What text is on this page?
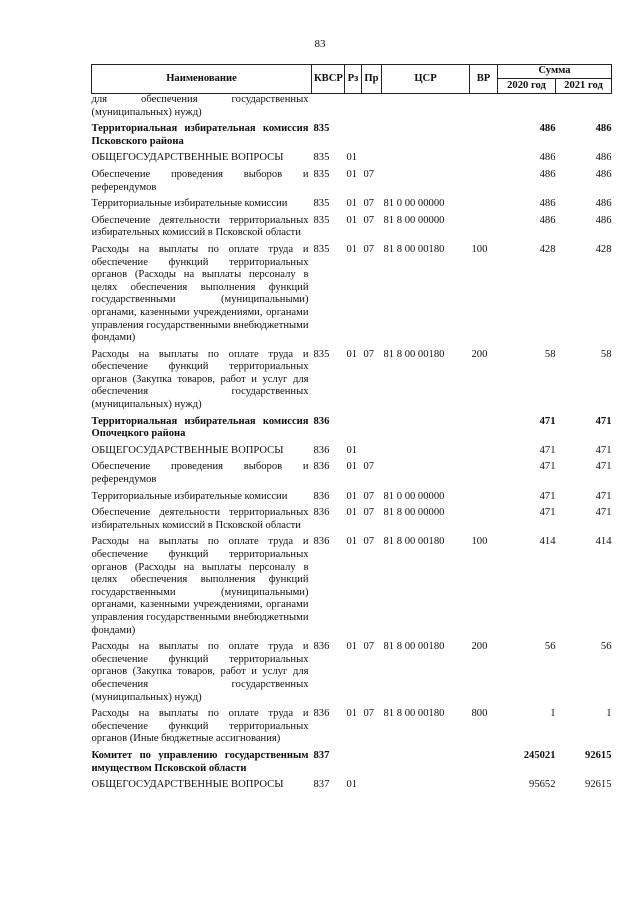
83
Наименование	КВСР	Рз	Пр	ЦСР	ВР	Сумма	
						2020 год	2021 год
для обеспечения государственных (муниципальных) нужд)							
Территориальная избирательная комиссия Псковского района	835					486	486
ОБЩЕГОСУДАРСТВЕННЫЕ ВОПРОСЫ	835	01				486	486
Обеспечение проведения выборов и референдумов	835	01	07			486	486
Территориальные избирательные комиссии	835	01	07	81 0 00 00000		486	486
Обеспечение деятельности территориальных избирательных комиссий в Псковской области	835	01	07	81 8 00 00000		486	486
Расходы на выплаты по оплате труда и обеспечение функций территориальных органов (Расходы на выплаты персоналу в целях обеспечения выполнения функций государственными (муниципальными) органами, казенными учреждениями, органами управления государственными внебюджетными фондами)	835	01	07	81 8 00 00180	100	428	428
Расходы на выплаты по оплате труда и обеспечение функций территориальных органов (Закупка товаров, работ и услуг для обеспечения государственных (муниципальных) нужд)	835	01	07	81 8 00 00180	200	58	58
Территориальная избирательная комиссия Опочецкого района	836					471	471
ОБЩЕГОСУДАРСТВЕННЫЕ ВОПРОСЫ	836	01				471	471
Обеспечение проведения выборов и референдумов	836	01	07			471	471
Территориальные избирательные комиссии	836	01	07	81 0 00 00000		471	471
Обеспечение деятельности территориальных избирательных комиссий в Псковской области	836	01	07	81 8 00 00000		471	471
Расходы на выплаты по оплате труда и обеспечение функций территориальных органов (Расходы на выплаты персоналу в целях обеспечения выполнения функций государственными (муниципальными) органами, казенными учреждениями, органами управления государственными внебюджетными фондами)	836	01	07	81 8 00 00180	100	414	414
Расходы на выплаты по оплате труда и обеспечение функций территориальных органов (Закупка товаров, работ и услуг для обеспечения государственных (муниципальных) нужд)	836	01	07	81 8 00 00180	200	56	56
Расходы на выплаты по оплате труда и обеспечение функций территориальных органов (Иные бюджетные ассигнования)	836	01	07	81 8 00 00180	800	1	1
Комитет по управлению государственным имуществом Псковской области	837					245021	92615
ОБЩЕГОСУДАРСТВЕННЫЕ ВОПРОСЫ	837	01				95652	92615
